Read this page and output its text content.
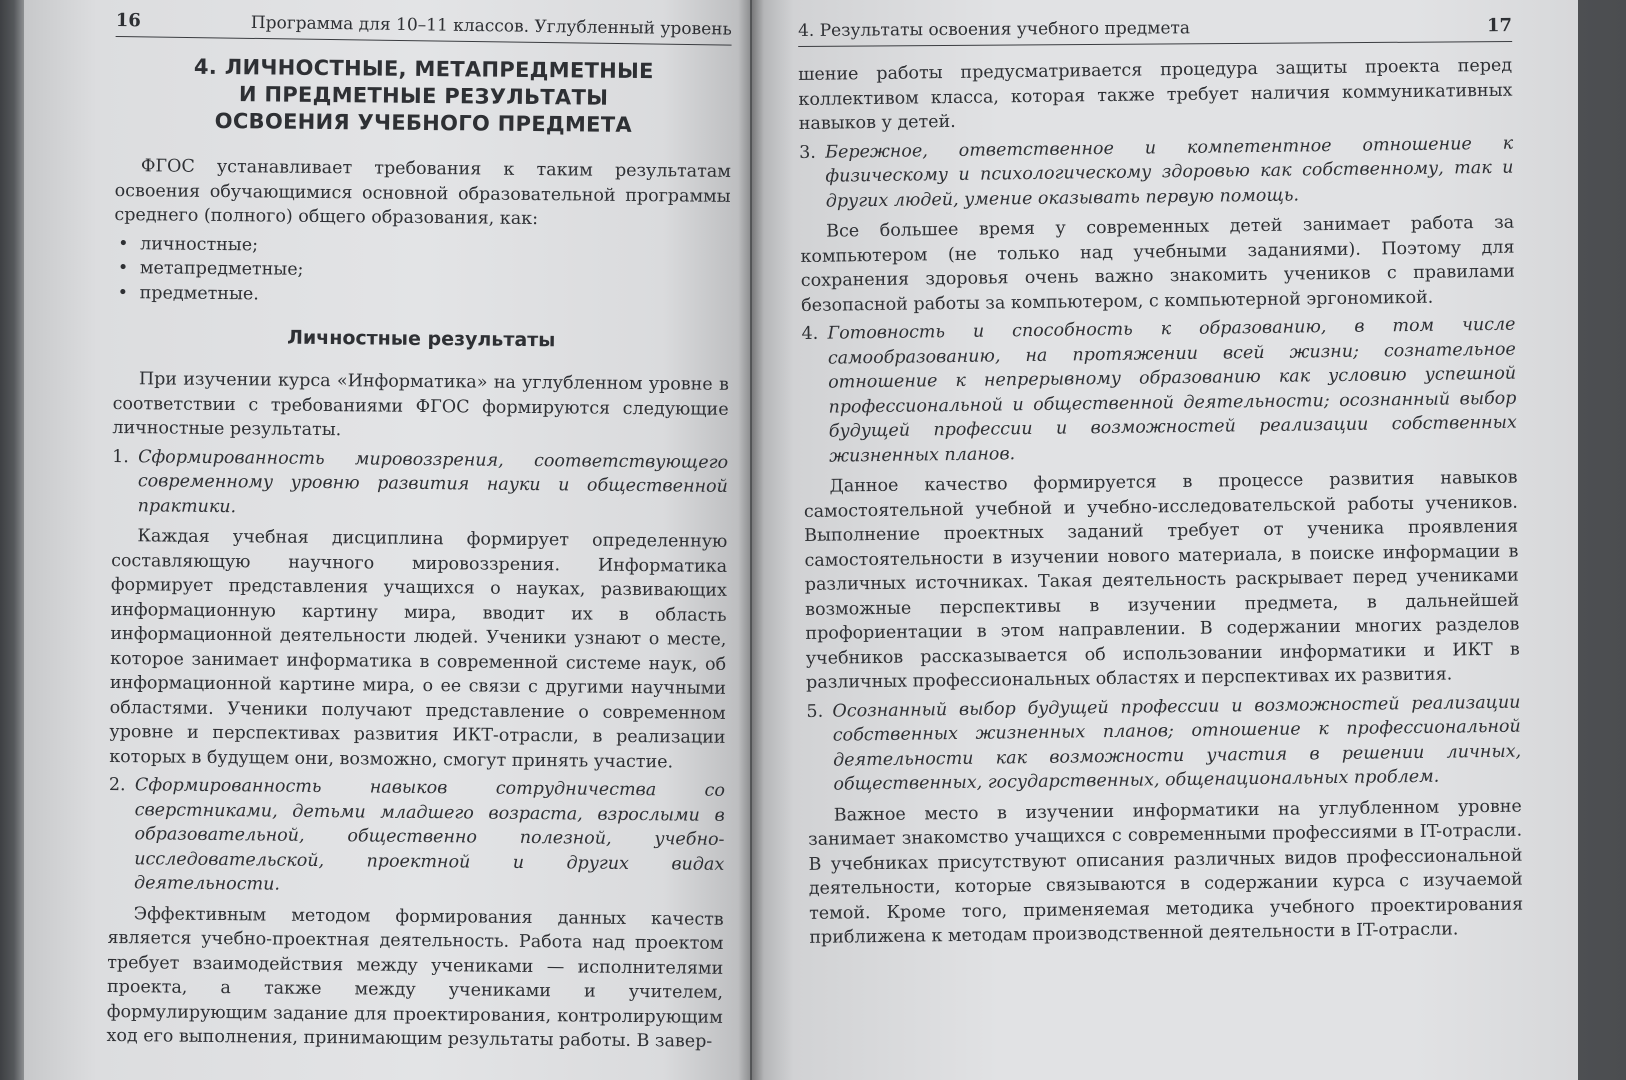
16	Программа для 10–11 классов. Углубленный уровень
4. ЛИЧНОСТНЫЕ, МЕТАПРЕДМЕТНЫЕ
И ПРЕДМЕТНЫЕ РЕЗУЛЬТАТЫ
ОСВОЕНИЯ УЧЕБНОГО ПРЕДМЕТА

ФГОС устанавливает требования к таким результатам освоения обучающимися основной образовательной программы среднего (полного) общего образования, как:

• личностные;
• метапредметные;
• предметные.
Личностные результаты

При изучении курса «Информатика» на углубленном уровне в соответствии с требованиями ФГОС формируются следующие личностные результаты.

1. Сформированность мировоззрения, соответствующего современному уровню развития науки и общественной практики.

Каждая учебная дисциплина формирует определенную составляющую научного мировоззрения. Информатика формирует представления учащихся о науках, развивающих информационную картину мира, вводит их в область информационной деятельности людей. Ученики узнают о месте, которое занимает информатика в современной системе наук, об информационной картине мира, о ее связи с другими научными областями. Ученики получают представление о современном уровне и перспективах развития ИКТ-отрасли, в реализации которых в будущем они, возможно, смогут принять участие.

2. Сформированность навыков сотрудничества со сверстниками, детьми младшего возраста, взрослыми в образовательной, общественно полезной, учебно-исследовательской, проектной и других видах деятельности.

Эффективным методом формирования данных качеств является учебно-проектная деятельность. Работа над проектом требует взаимодействия между учениками — исполнителями проекта, а также между учениками и учителем, формулирующим задание для проектирования, контролирующим ход его выполнения, принимающим результаты работы. В завер-

4. Результаты освоения учебного предмета	17

шение работы предусматривается процедура защиты проекта перед коллективом класса, которая также требует наличия коммуникативных навыков у детей.

3. Бережное, ответственное и компетентное отношение к физическому и психологическому здоровью как собственному, так и других людей, умение оказывать первую помощь.

Все большее время у современных детей занимает работа за компьютером (не только над учебными заданиями). Поэтому для сохранения здоровья очень важно знакомить учеников с правилами безопасной работы за компьютером, с компьютерной эргономикой.

4. Готовность и способность к образованию, в том числе самообразованию, на протяжении всей жизни; сознательное отношение к непрерывному образованию как условию успешной профессиональной и общественной деятельности; осознанный выбор будущей профессии и возможностей реализации собственных жизненных планов.

Данное качество формируется в процессе развития навыков самостоятельной учебной и учебно-исследовательской работы учеников. Выполнение проектных заданий требует от ученика проявления самостоятельности в изучении нового материала, в поиске информации в различных источниках. Такая деятельность раскрывает перед учениками возможные перспективы в изучении предмета, в дальнейшей профориентации в этом направлении. В содержании многих разделов учебников рассказывается об использовании информатики и ИКТ в различных профессиональных областях и перспективах их развития.

5. Осознанный выбор будущей профессии и возможностей реализации собственных жизненных планов; отношение к профессиональной деятельности как возможности участия в решении личных, общественных, государственных, общенациональных проблем.

Важное место в изучении информатики на углубленном уровне занимает знакомство учащихся с современными профессиями в IT-отрасли. В учебниках присутствуют описания различных видов профессиональной деятельности, которые связываются в содержании курса с изучаемой темой. Кроме того, применяемая методика учебного проектирования приближена к методам производственной деятельности в IT-отрасли.
